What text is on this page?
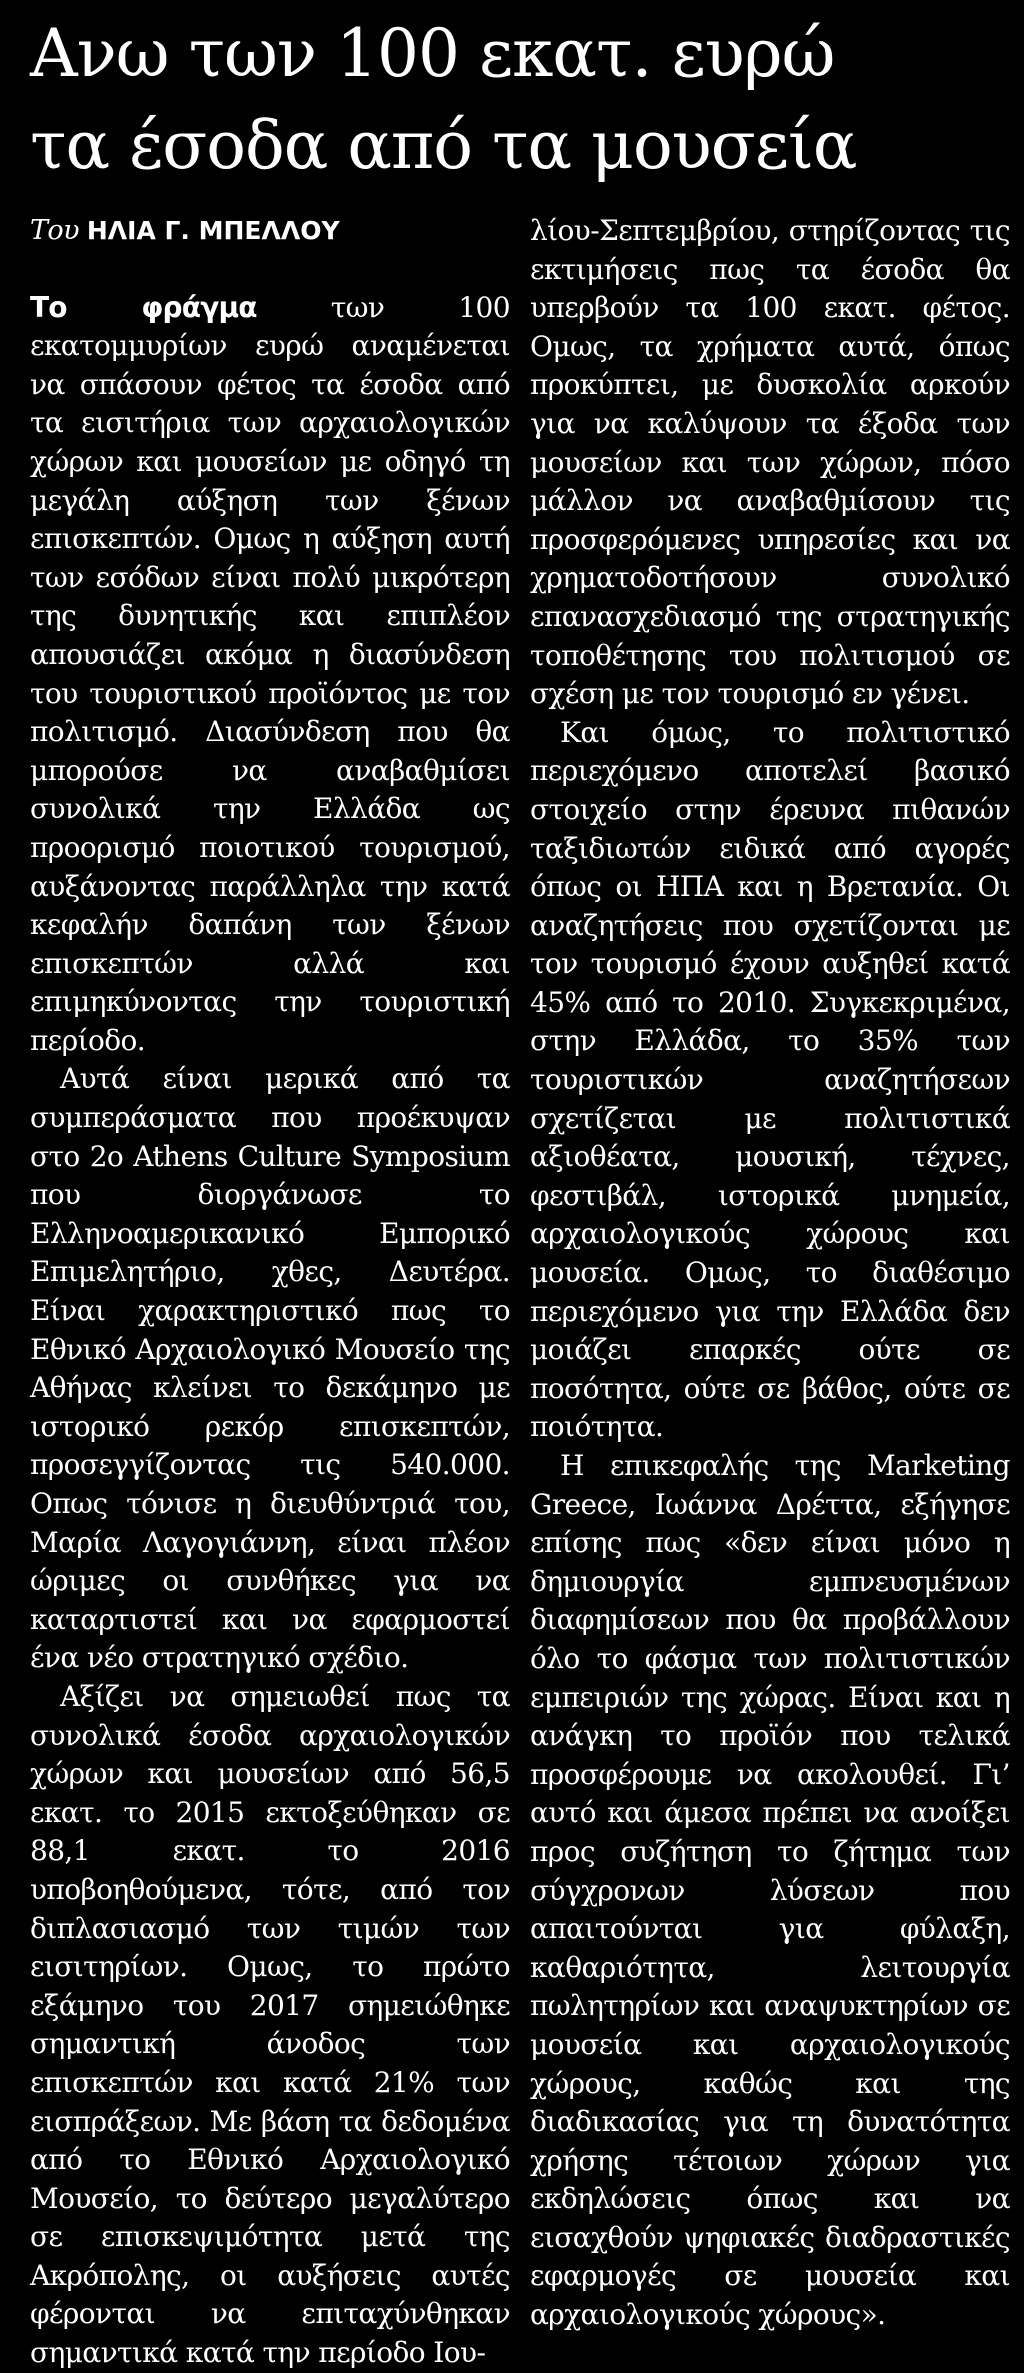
Ανω των 100 εκατ. ευρώ
τα έσοδα από τα μουσεία
Του ΗΛΙΑ Γ. ΜΠΕΛΛΟΥ

Το φράγμα των 100 εκατομμυρίων ευρώ αναμένεται να σπάσουν φέτος τα έσοδα από τα εισιτήρια των αρχαιολογικών χώρων και μουσείων με οδηγό τη μεγάλη αύξηση των ξένων επισκεπτών. Ομως η αύξηση αυτή των εσόδων είναι πολύ μικρότερη της δυνητικής και επιπλέον απουσιάζει ακόμα η διασύνδεση του τουριστικού προϊόντος με τον πολιτισμό. Διασύνδεση που θα μπορούσε να αναβαθμίσει συνολικά την Ελλάδα ως προορισμό ποιοτικού τουρισμού, αυξάνοντας παράλληλα την κατά κεφαλήν δαπάνη των ξένων επισκεπτών αλλά και επιμηκύνοντας την τουριστική περίοδο.

Αυτά είναι μερικά από τα συμπεράσματα που προέκυψαν στο 2ο Athens Culture Symposium που διοργάνωσε το Ελληνοαμερικανικό Εμπορικό Επιμελητήριο, χθες, Δευτέρα. Είναι χαρακτηριστικό πως το Εθνικό Αρχαιολογικό Μουσείο της Αθήνας κλείνει το δεκάμηνο με ιστορικό ρεκόρ επισκεπτών, προσεγγίζοντας τις 540.000. Οπως τόνισε η διευθύντριά του, Μαρία Λαγογιάννη, είναι πλέον ώριμες οι συνθήκες για να καταρτιστεί και να εφαρμοστεί ένα νέο στρατηγικό σχέδιο.

Αξίζει να σημειωθεί πως τα συνολικά έσοδα αρχαιολογικών χώρων και μουσείων από 56,5 εκατ. το 2015 εκτοξεύθηκαν σε 88,1 εκατ. το 2016 υποβοηθούμενα, τότε, από τον διπλασιασμό των τιμών των εισιτηρίων. Ομως, το πρώτο εξάμηνο του 2017 σημειώθηκε σημαντική άνοδος των επισκεπτών και κατά 21% των εισπράξεων. Με βάση τα δεδομένα από το Εθνικό Αρχαιολογικό Μουσείο, το δεύτερο μεγαλύτερο σε επισκεψιμότητα μετά της Ακρόπολης, οι αυξήσεις αυτές φέρονται να επιταχύνθηκαν σημαντικά κατά την περίοδο Ιου-

λίου-Σεπτεμβρίου, στηρίζοντας τις εκτιμήσεις πως τα έσοδα θα υπερβούν τα 100 εκατ. φέτος. Ομως, τα χρήματα αυτά, όπως προκύπτει, με δυσκολία αρκούν για να καλύψουν τα έξοδα των μουσείων και των χώρων, πόσο μάλλον να αναβαθμίσουν τις προσφερόμενες υπηρεσίες και να χρηματοδοτήσουν συνολικό επανασχεδιασμό της στρατηγικής τοποθέτησης του πολιτισμού σε σχέση με τον τουρισμό εν γένει.

Και όμως, το πολιτιστικό περιεχόμενο αποτελεί βασικό στοιχείο στην έρευνα πιθανών ταξιδιωτών ειδικά από αγορές όπως οι ΗΠΑ και η Βρετανία. Οι αναζητήσεις που σχετίζονται με τον τουρισμό έχουν αυξηθεί κατά 45% από το 2010. Συγκεκριμένα, στην Ελλάδα, το 35% των τουριστικών αναζητήσεων σχετίζεται με πολιτιστικά αξιοθέατα, μουσική, τέχνες, φεστιβάλ, ιστορικά μνημεία, αρχαιολογικούς χώρους και μουσεία. Ομως, το διαθέσιμο περιεχόμενο για την Ελλάδα δεν μοιάζει επαρκές ούτε σε ποσότητα, ούτε σε βάθος, ούτε σε ποιότητα.

Η επικεφαλής της Marketing Greece, Ιωάννα Δρέττα, εξήγησε επίσης πως «δεν είναι μόνο η δημιουργία εμπνευσμένων διαφημίσεων που θα προβάλλουν όλο το φάσμα των πολιτιστικών εμπειριών της χώρας. Είναι και η ανάγκη το προϊόν που τελικά προσφέρουμε να ακολουθεί. Γι’ αυτό και άμεσα πρέπει να ανοίξει προς συζήτηση το ζήτημα των σύγχρονων λύσεων που απαιτούνται για φύλαξη, καθαριότητα, λειτουργία πωλητηρίων και αναψυκτηρίων σε μουσεία και αρχαιολογικούς χώρους, καθώς και της διαδικασίας για τη δυνατότητα χρήσης τέτοιων χώρων για εκδηλώσεις όπως και να εισαχθούν ψηφιακές διαδραστικές εφαρμογές σε μουσεία και αρχαιολογικούς χώρους».
